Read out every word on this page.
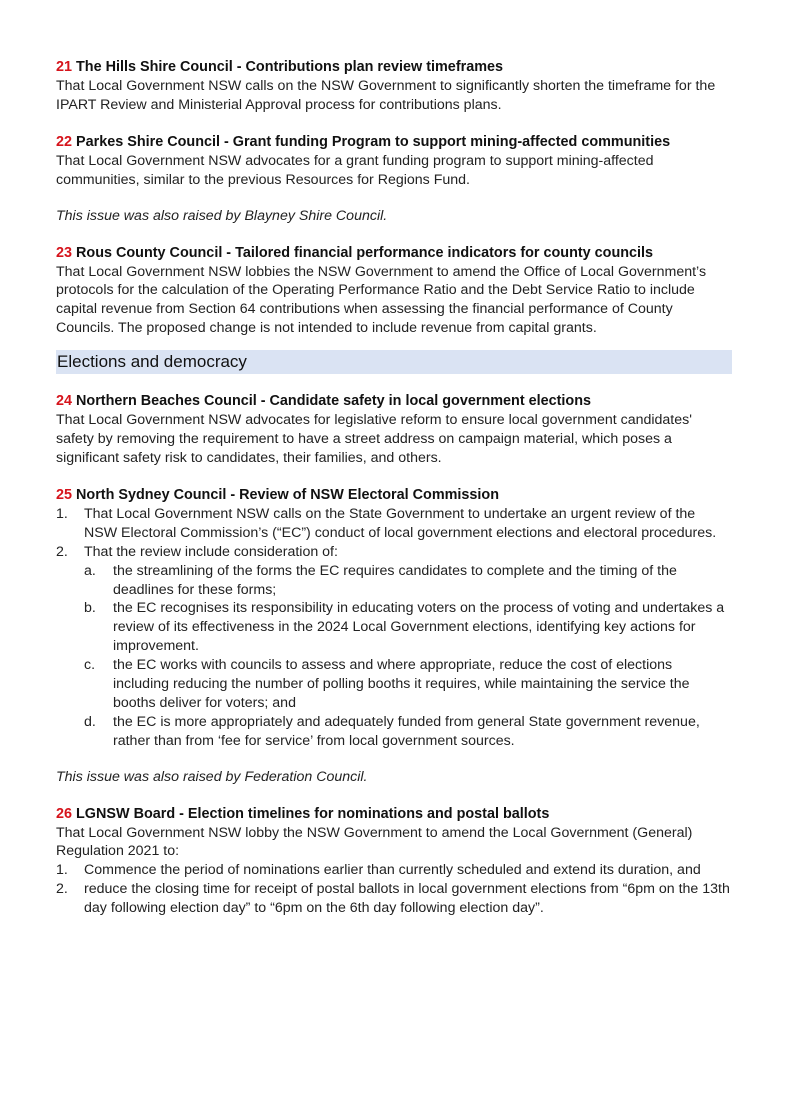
21 The Hills Shire Council - Contributions plan review timeframes
That Local Government NSW calls on the NSW Government to significantly shorten the timeframe for the IPART Review and Ministerial Approval process for contributions plans.
22 Parkes Shire Council - Grant funding Program to support mining-affected communities
That Local Government NSW advocates for a grant funding program to support mining-affected communities, similar to the previous Resources for Regions Fund.
This issue was also raised by Blayney Shire Council.
23 Rous County Council - Tailored financial performance indicators for county councils
That Local Government NSW lobbies the NSW Government to amend the Office of Local Government’s protocols for the calculation of the Operating Performance Ratio and the Debt Service Ratio to include capital revenue from Section 64 contributions when assessing the financial performance of County Councils. The proposed change is not intended to include revenue from capital grants.
Elections and democracy
24 Northern Beaches Council - Candidate safety in local government elections
That Local Government NSW advocates for legislative reform to ensure local government candidates' safety by removing the requirement to have a street address on campaign material, which poses a significant safety risk to candidates, their families, and others.
25 North Sydney Council - Review of NSW Electoral Commission
1. That Local Government NSW calls on the State Government to undertake an urgent review of the NSW Electoral Commission’s (“EC”) conduct of local government elections and electoral procedures.
2. That the review include consideration of:
a. the streamlining of the forms the EC requires candidates to complete and the timing of the deadlines for these forms;
b. the EC recognises its responsibility in educating voters on the process of voting and undertakes a review of its effectiveness in the 2024 Local Government elections, identifying key actions for improvement.
c. the EC works with councils to assess and where appropriate, reduce the cost of elections including reducing the number of polling booths it requires, while maintaining the service the booths deliver for voters; and
d. the EC is more appropriately and adequately funded from general State government revenue, rather than from ‘fee for service’ from local government sources.
This issue was also raised by Federation Council.
26 LGNSW Board - Election timelines for nominations and postal ballots
That Local Government NSW lobby the NSW Government to amend the Local Government (General) Regulation 2021 to:
1. Commence the period of nominations earlier than currently scheduled and extend its duration, and
2. reduce the closing time for receipt of postal ballots in local government elections from “6pm on the 13th day following election day” to “6pm on the 6th day following election day”.
